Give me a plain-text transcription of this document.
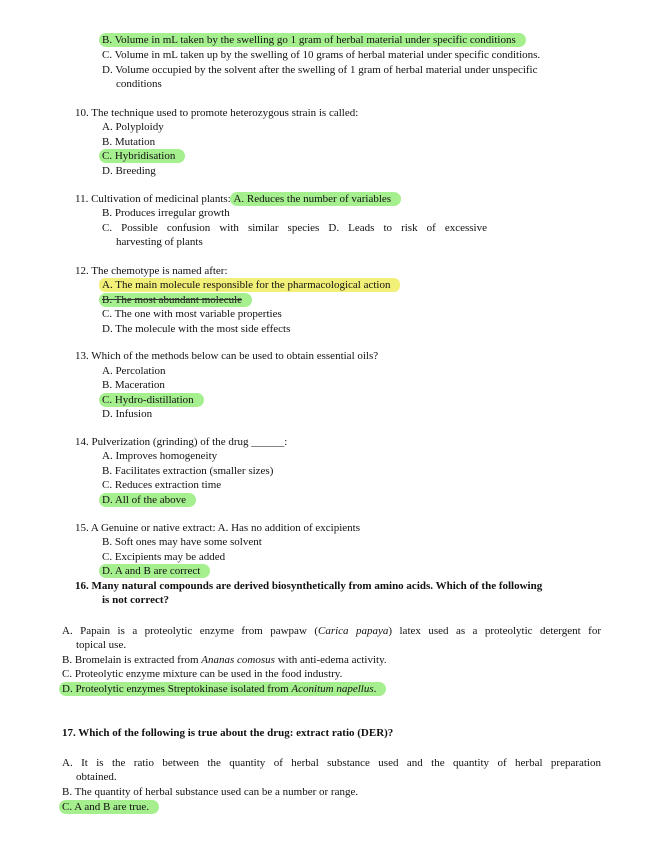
B. Volume in mL taken by the swelling go 1 gram of herbal material under specific conditions
C. Volume in mL taken up by the swelling of 10 grams of herbal material under specific conditions.
D. Volume occupied by the solvent after the swelling of 1 gram of herbal material under unspecific
conditions
10. The technique used to promote heterozygous strain is called:
A. Polyploidy
B. Mutation
C. Hybridisation
D. Breeding
11. Cultivation of medicinal plants: A. Reduces the number of variables
B. Produces irregular growth
C. Possible confusion with similar species D. Leads to risk of excessive
harvesting of plants
12. The chemotype is named after:
A. The main molecule responsible for the pharmacological action
B. The most abundant molecule
C. The one with most variable properties
D. The molecule with the most side effects
13. Which of the methods below can be used to obtain essential oils?
A. Percolation
B. Maceration
C. Hydro-distillation
D. Infusion
14. Pulverization (grinding) of the drug ______:
A. Improves homogeneity
B. Facilitates extraction (smaller sizes)
C. Reduces extraction time
D. All of the above
15. A Genuine or native extract: A. Has no addition of excipients
B. Soft ones may have some solvent
C. Excipients may be added
D. A and B are correct
16. Many natural compounds are derived biosynthetically from amino acids. Which of the following
is not correct?
A. Papain is a proteolytic enzyme from pawpaw (Carica papaya) latex used as a proteolytic detergent for
topical use.
B. Bromelain is extracted from Ananas comosus with anti-edema activity.
C. Proteolytic enzyme mixture can be used in the food industry.
D. Proteolytic enzymes Streptokinase isolated from Aconitum napellus.
17. Which of the following is true about the drug: extract ratio (DER)?
A. It is the ratio between the quantity of herbal substance used and the quantity of herbal preparation
obtained.
B. The quantity of herbal substance used can be a number or range.
C. A and B are true.
